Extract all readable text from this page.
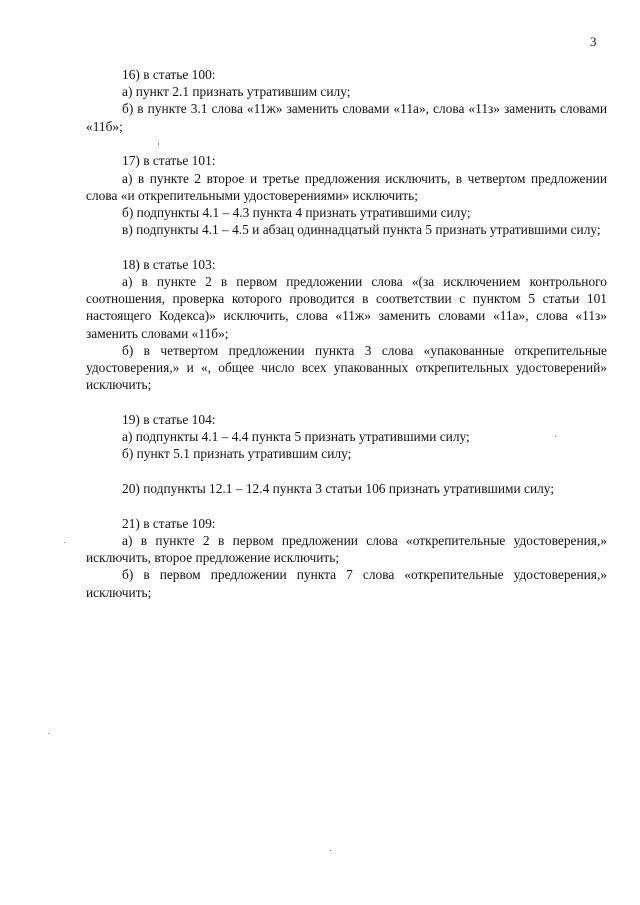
3

16) в статье 100:

а) пункт 2.1 признать утратившим силу;

б) в пункте 3.1 слова «11ж» заменить словами «11а», слова «11з» заменить словами «11б»;

17) в статье 101:

а) в пункте 2 второе и третье предложения исключить, в четвертом предложении слова «и открепительными удостоверениями» исключить;

б) подпункты 4.1 – 4.3 пункта 4 признать утратившими силу;

в) подпункты 4.1 – 4.5 и абзац одиннадцатый пункта 5 признать утратившими силу;

18) в статье 103:

а) в пункте 2 в первом предложении слова «(за исключением контрольного соотношения, проверка которого проводится в соответствии с пунктом 5 статьи 101 настоящего Кодекса)» исключить, слова «11ж» заменить словами «11а», слова «11з» заменить словами «11б»;

б) в четвертом предложении пункта 3 слова «упакованные открепительные удостоверения,» и «, общее число всех упакованных открепительных удостоверений» исключить;

19) в статье 104:

а) подпункты 4.1 – 4.4 пункта 5 признать утратившими силу;

б) пункт 5.1 признать утратившим силу;

20) подпункты 12.1 – 12.4 пункта 3 статьи 106 признать утратившими силу;

21) в статье 109:

а) в пункте 2 в первом предложении слова «открепительные удостоверения,» исключить, второе предложение исключить;

б) в первом предложении пункта 7 слова «открепительные удостоверения,» исключить;
